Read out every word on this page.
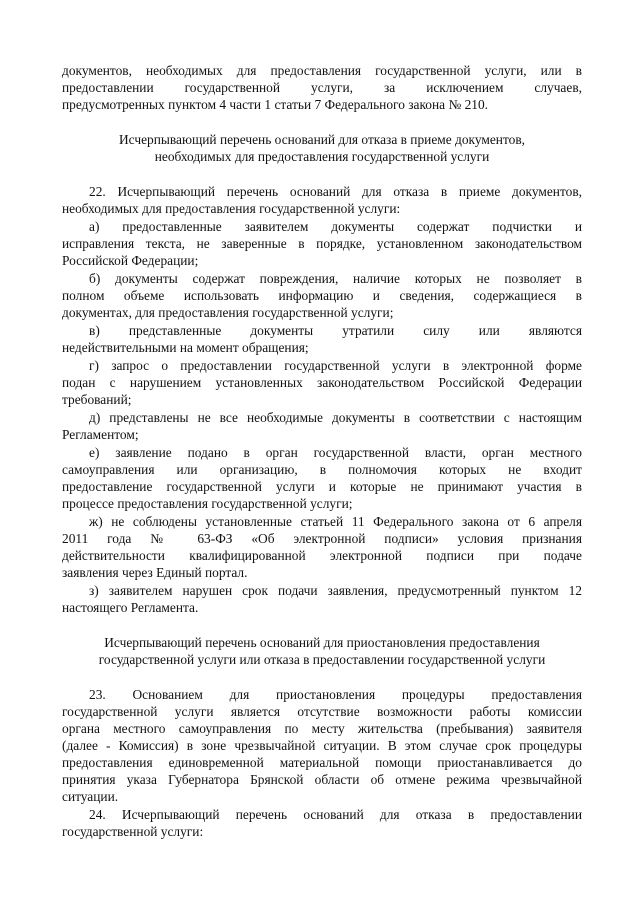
документов, необходимых для предоставления государственной услуги, или в
предоставлении государственной услуги, за исключением случаев,
предусмотренных пунктом 4 части 1 статьи 7 Федерального закона № 210.
Исчерпывающий перечень оснований для отказа в приеме документов,
необходимых для предоставления государственной услуги
22. Исчерпывающий перечень оснований для отказа в приеме документов,
необходимых для предоставления государственной услуги:
а) предоставленные заявителем документы содержат подчистки и
исправления текста, не заверенные в порядке, установленном законодательством
Российской Федерации;
б) документы содержат повреждения, наличие которых не позволяет в
полном объеме использовать информацию и сведения, содержащиеся в
документах, для предоставления государственной услуги;
в) представленные документы утратили силу или являются
недействительными на момент обращения;
г) запрос о предоставлении государственной услуги в электронной форме
подан с нарушением установленных законодательством Российской Федерации
требований;
д) представлены не все необходимые документы в соответствии с настоящим
Регламентом;
е) заявление подано в орган государственной власти, орган местного
самоуправления или организацию, в полномочия которых не входит
предоставление государственной услуги и которые не принимают участия в
процессе предоставления государственной услуги;
ж) не соблюдены установленные статьей 11 Федерального закона от 6 апреля
2011 года № 63-ФЗ «Об электронной подписи» условия признания
действительности квалифицированной электронной подписи при подаче
заявления через Единый портал.
з) заявителем нарушен срок подачи заявления, предусмотренный пунктом 12
настоящего Регламента.
Исчерпывающий перечень оснований для приостановления предоставления
государственной услуги или отказа в предоставлении государственной услуги
23. Основанием для приостановления процедуры предоставления
государственной услуги является отсутствие возможности работы комиссии
органа местного самоуправления по месту жительства (пребывания) заявителя
(далее - Комиссия) в зоне чрезвычайной ситуации. В этом случае срок процедуры
предоставления единовременной материальной помощи приостанавливается до
принятия указа Губернатора Брянской области об отмене режима чрезвычайной
ситуации.
24. Исчерпывающий перечень оснований для отказа в предоставлении
государственной услуги:
